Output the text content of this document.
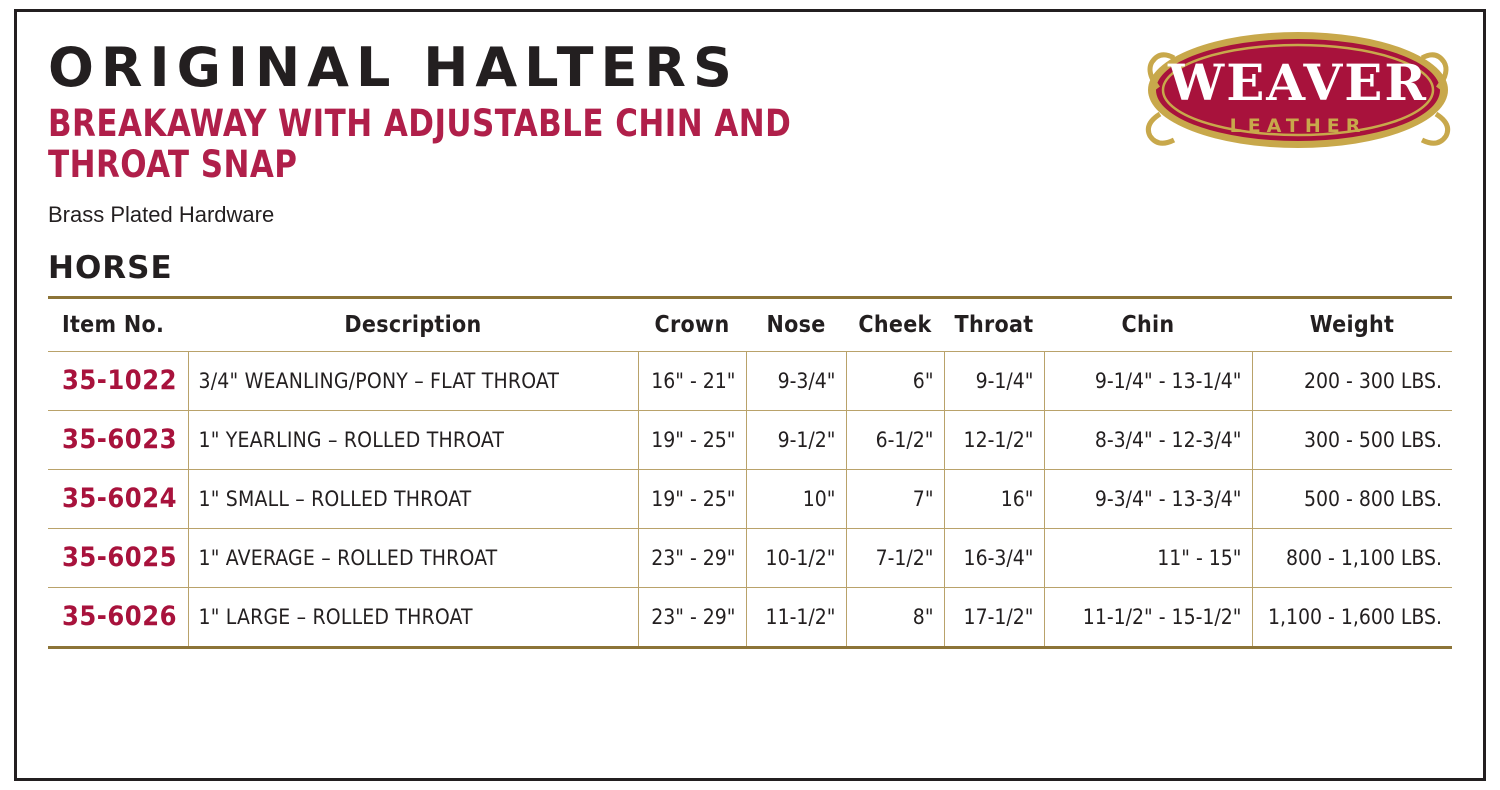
ORIGINAL HALTERS
BREAKAWAY WITH ADJUSTABLE CHIN AND THROAT SNAP

Brass Plated Hardware

HORSE
WEAVER
LEATHER
Item No.	Description	Crown	Nose	Cheek	Throat	Chin	Weight
35-1022	3/4" WEANLING/PONY – FLAT THROAT	16" - 21"	9-3/4"	6"	9-1/4"	9-1/4" - 13-1/4"	200 - 300 LBS.
35-6023	1" YEARLING – ROLLED THROAT	19" - 25"	9-1/2"	6-1/2"	12-1/2"	8-3/4" - 12-3/4"	300 - 500 LBS.
35-6024	1" SMALL – ROLLED THROAT	19" - 25"	10"	7"	16"	9-3/4" - 13-3/4"	500 - 800 LBS.
35-6025	1" AVERAGE – ROLLED THROAT	23" - 29"	10-1/2"	7-1/2"	16-3/4"	11" - 15"	800 - 1,100 LBS.
35-6026	1" LARGE – ROLLED THROAT	23" - 29"	11-1/2"	8"	17-1/2"	11-1/2" - 15-1/2"	1,100 - 1,600 LBS.
